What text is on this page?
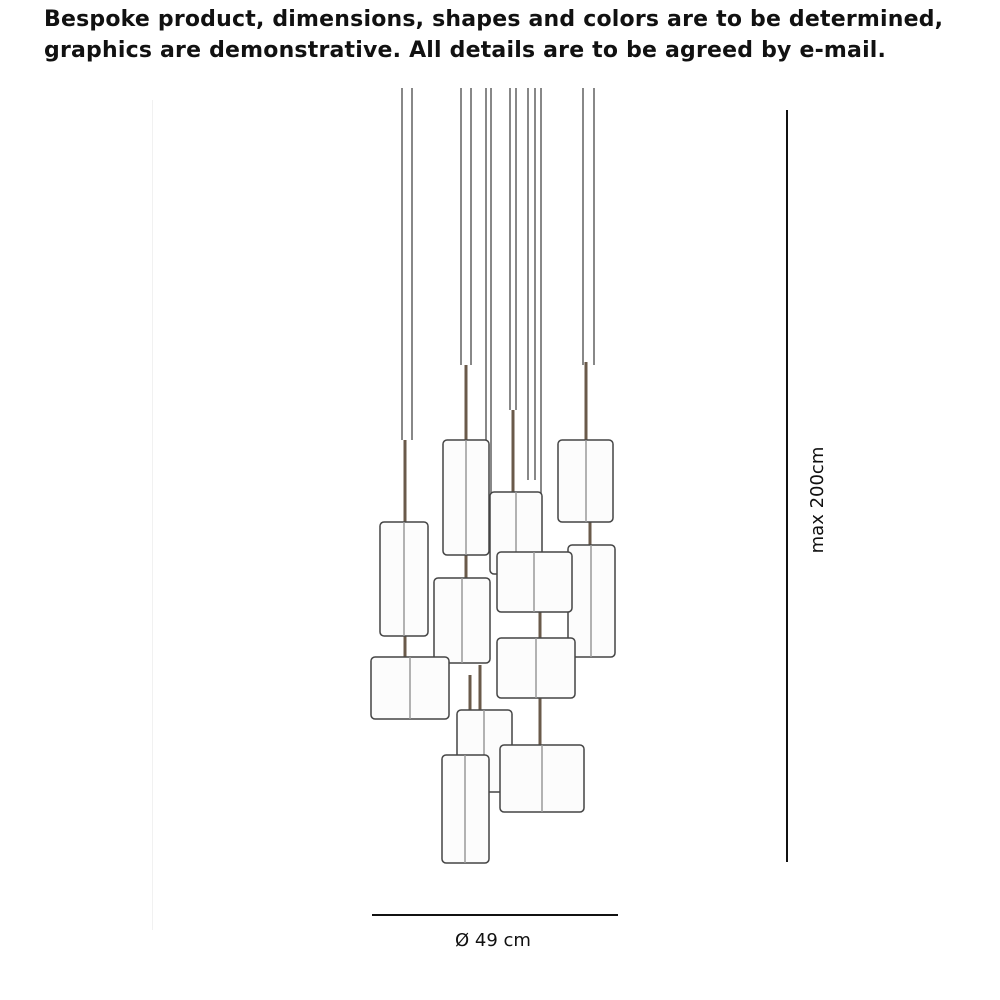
Bespoke product, dimensions, shapes and colors are to be determined, graphics are demonstrative. All details are to be agreed by e-mail.

max 200cm
Ø 49 cm
